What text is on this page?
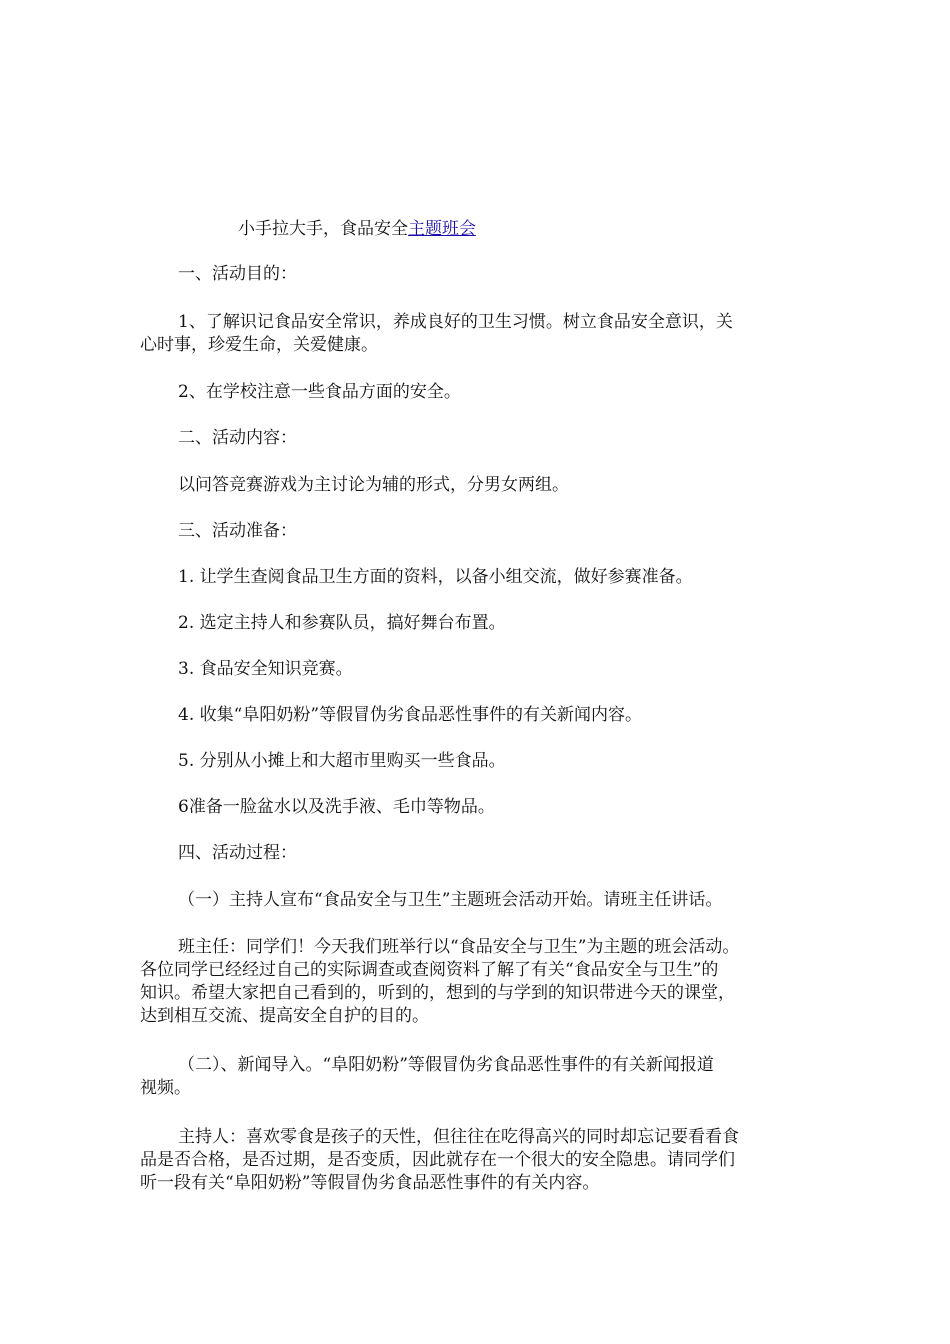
小手拉大手，食品安全主题班会
一、活动目的：

1、了解识记食品安全常识，养成良好的卫生习惯。树立食品安全意识，关

心时事，珍爱生命，关爱健康。

2、在学校注意一些食品方面的安全。
二、活动内容：
以问答竞赛游戏为主讨论为辅的形式，分男女两组。
三、活动准备：
1. 让学生查阅食品卫生方面的资料，以备小组交流，做好参赛准备。
2. 选定主持人和参赛队员，搞好舞台布置。
3. 食品安全知识竞赛。
4. 收集“阜阳奶粉”等假冒伪劣食品恶性事件的有关新闻内容。
5. 分别从小摊上和大超市里购买一些食品。
6准备一脸盆水以及洗手液、毛巾等物品。
四、活动过程：
（一）主持人宣布“食品安全与卫生”主题班会活动开始。请班主任讲话。

班主任：同学们！今天我们班举行以“食品安全与卫生”为主题的班会活动。

各位同学已经经过自己的实际调查或查阅资料了解了有关“食品安全与卫生”的

知识。希望大家把自己看到的，听到的，想到的与学到的知识带进今天的课堂，

达到相互交流、提高安全自护的目的。

（二）、新闻导入。“阜阳奶粉”等假冒伪劣食品恶性事件的有关新闻报道

视频。

主持人：喜欢零食是孩子的天性，但往往在吃得高兴的同时却忘记要看看食

品是否合格，是否过期，是否变质，因此就存在一个很大的安全隐患。请同学们

听一段有关“阜阳奶粉”等假冒伪劣食品恶性事件的有关内容。
